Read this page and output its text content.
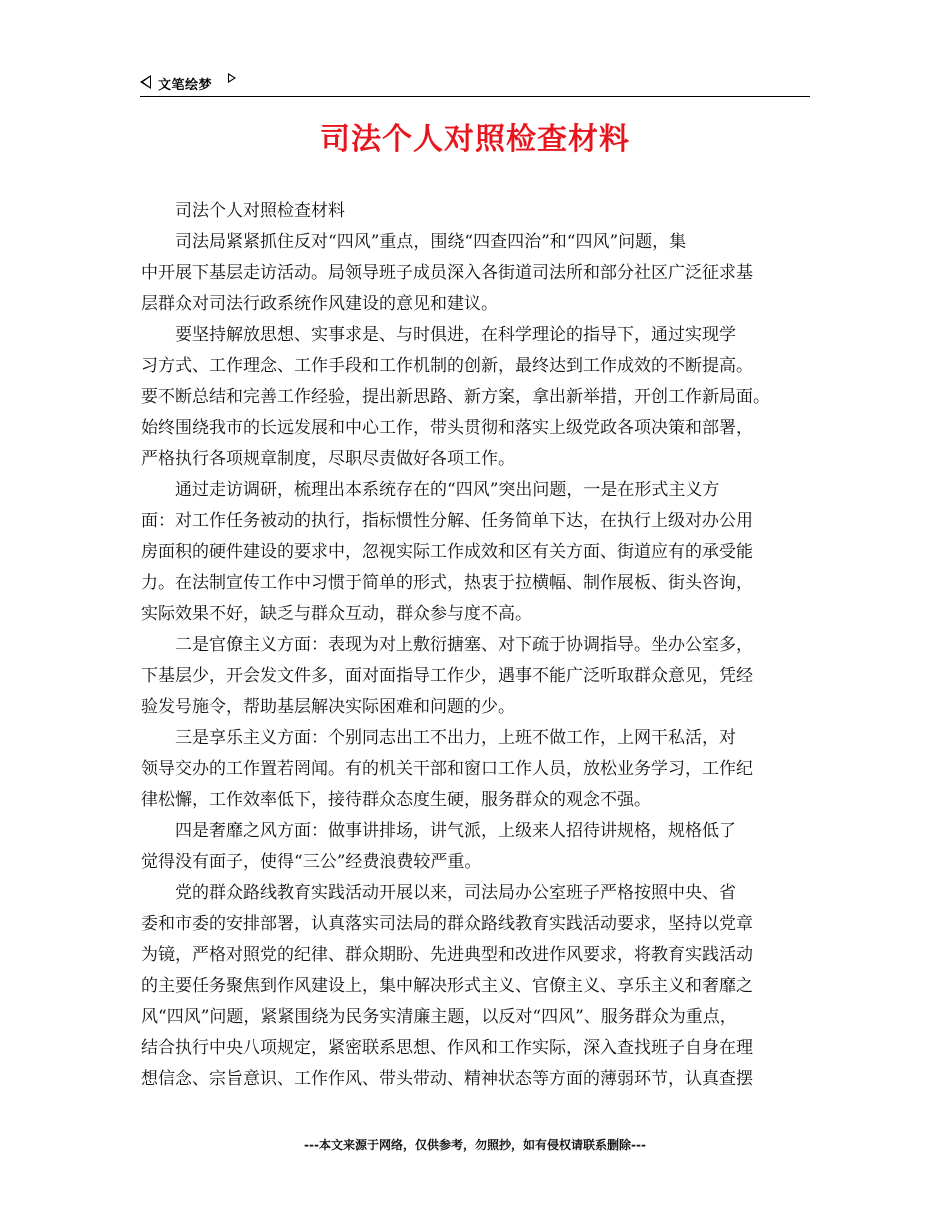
文笔绘梦
司法个人对照检查材料

司法个人对照检查材料

司法局紧紧抓住反对“四风”重点，围绕“四查四治”和“四风”问题，集
中开展下基层走访活动。局领导班子成员深入各街道司法所和部分社区广泛征求基
层群众对司法行政系统作风建设的意见和建议。

要坚持解放思想、实事求是、与时俱进，在科学理论的指导下，通过实现学
习方式、工作理念、工作手段和工作机制的创新，最终达到工作成效的不断提高。
要不断总结和完善工作经验，提出新思路、新方案，拿出新举措，开创工作新局面。
始终围绕我市的长远发展和中心工作，带头贯彻和落实上级党政各项决策和部署，
严格执行各项规章制度，尽职尽责做好各项工作。

通过走访调研，梳理出本系统存在的“四风”突出问题，一是在形式主义方
面：对工作任务被动的执行，指标惯性分解、任务简单下达，在执行上级对办公用
房面积的硬件建设的要求中，忽视实际工作成效和区有关方面、街道应有的承受能
力。在法制宣传工作中习惯于简单的形式，热衷于拉横幅、制作展板、街头咨询，
实际效果不好，缺乏与群众互动，群众参与度不高。

二是官僚主义方面：表现为对上敷衍搪塞、对下疏于协调指导。坐办公室多，
下基层少，开会发文件多，面对面指导工作少，遇事不能广泛听取群众意见，凭经
验发号施令，帮助基层解决实际困难和问题的少。

三是享乐主义方面：个别同志出工不出力，上班不做工作，上网干私活，对
领导交办的工作置若罔闻。有的机关干部和窗口工作人员，放松业务学习，工作纪
律松懈，工作效率低下，接待群众态度生硬，服务群众的观念不强。

四是奢靡之风方面：做事讲排场，讲气派，上级来人招待讲规格，规格低了
觉得没有面子，使得“三公”经费浪费较严重。

党的群众路线教育实践活动开展以来，司法局办公室班子严格按照中央、省
委和市委的安排部署，认真落实司法局的群众路线教育实践活动要求，坚持以党章
为镜，严格对照党的纪律、群众期盼、先进典型和改进作风要求，将教育实践活动
的主要任务聚焦到作风建设上，集中解决形式主义、官僚主义、享乐主义和奢靡之
风“四风”问题，紧紧围绕为民务实清廉主题，以反对“四风”、服务群众为重点，
结合执行中央八项规定，紧密联系思想、作风和工作实际，深入查找班子自身在理
想信念、宗旨意识、工作作风、带头带动、精神状态等方面的薄弱环节，认真查摆

---本文来源于网络，仅供参考，勿照抄，如有侵权请联系删除---
